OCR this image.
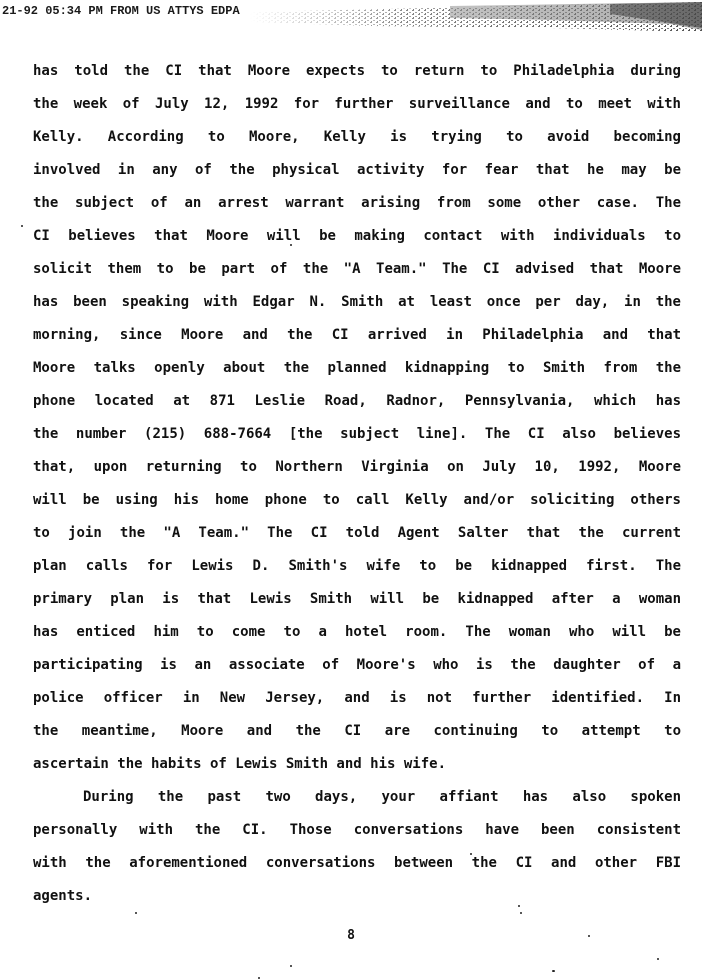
21-92 05:34 PM FROM US ATTYS EDPA
has told the CI that Moore expects to return to Philadelphia during
the week of July 12, 1992 for further surveillance and to meet with
Kelly. According to Moore, Kelly is trying to avoid becoming
involved in any of the physical activity for fear that he may be
the subject of an arrest warrant arising from some other case. The
CI believes that Moore will be making contact with individuals to
solicit them to be part of the "A Team." The CI advised that Moore
has been speaking with Edgar N. Smith at least once per day, in the
morning, since Moore and the CI arrived in Philadelphia and that
Moore talks openly about the planned kidnapping to Smith from the
phone located at 871 Leslie Road, Radnor, Pennsylvania, which has
the number (215) 688-7664 [the subject line]. The CI also believes
that, upon returning to Northern Virginia on July 10, 1992, Moore
will be using his home phone to call Kelly and/or soliciting others
to join the "A Team." The CI told Agent Salter that the current
plan calls for Lewis D. Smith's wife to be kidnapped first. The
primary plan is that Lewis Smith will be kidnapped after a woman
has enticed him to come to a hotel room. The woman who will be
participating is an associate of Moore's who is the daughter of a
police officer in New Jersey, and is not further identified. In
the meantime, Moore and the CI are continuing to attempt to
ascertain the habits of Lewis Smith and his wife.
During the past two days, your affiant has also spoken
personally with the CI. Those conversations have been consistent
with the aforementioned conversations between the CI and other FBI
agents.
8
